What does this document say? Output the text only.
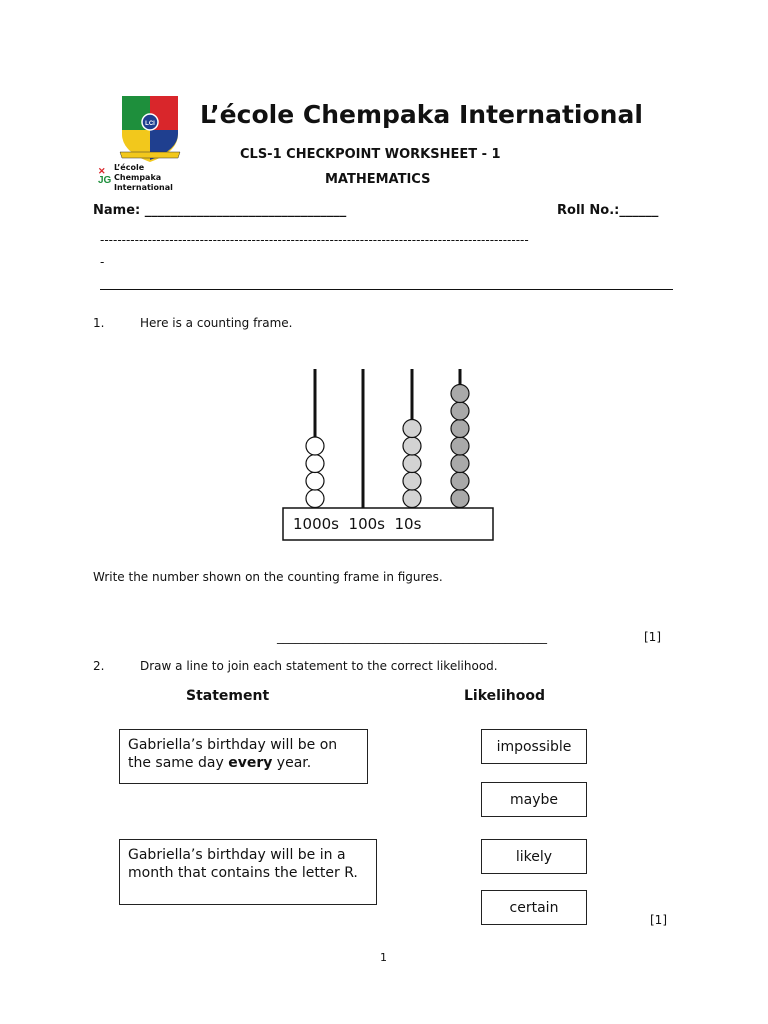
LCI
✕
JG
L’école Chempaka International
L’école Chempaka International
CLS-1 CHECKPOINT WORKSHEET - 1
MATHEMATICS
Name: _______________________________	Roll No.:______
---------------------------------------------------------------------------------------------------
-
1.	Here is a counting frame.
1000s  100s  10s
Write the number shown on the counting frame in figures.
_____________________________________________	[1]
2.	Draw a line to join each statement to the correct likelihood.
Statement	Likelihood
Gabriella’s birthday will be on the same day every year.
Gabriella’s birthday will be in a month that contains the letter R.
impossible
maybe
likely
certain
[1]
1
